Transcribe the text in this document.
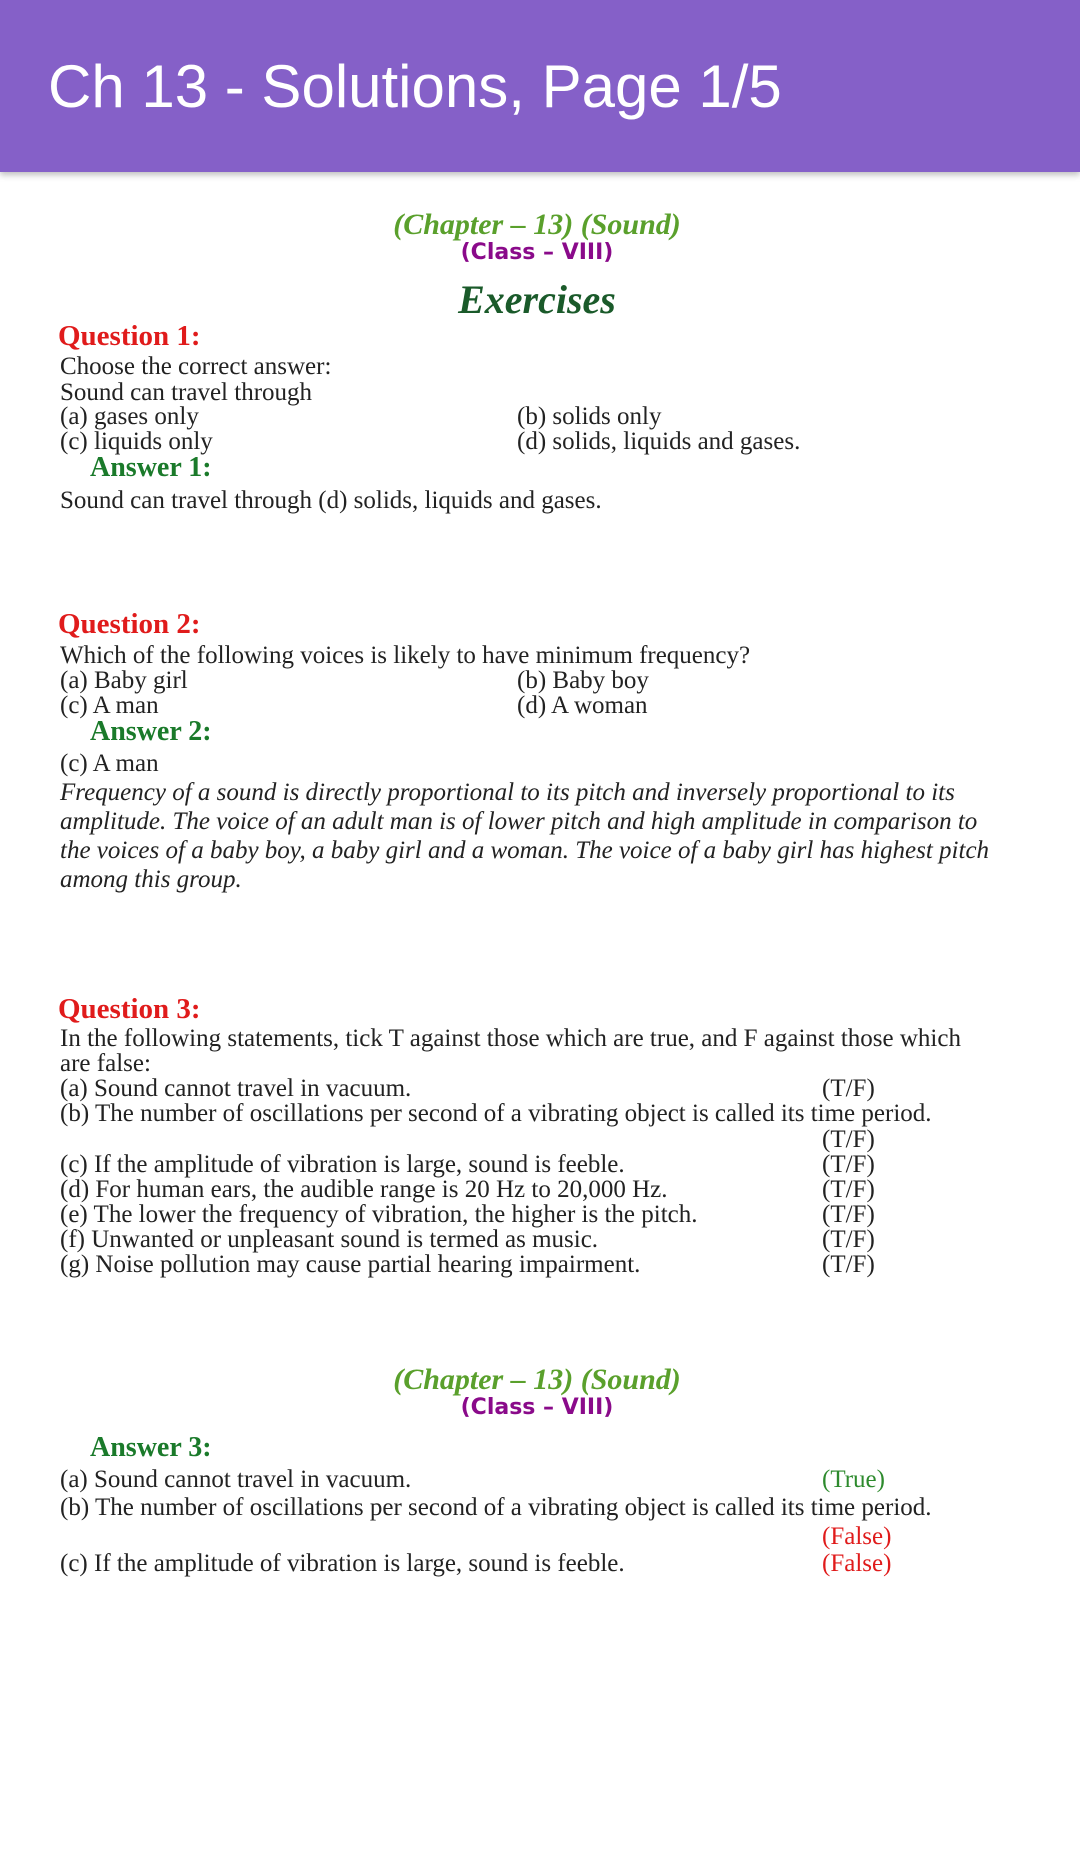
Ch 13 - Solutions, Page 1/5
(Chapter – 13) (Sound)
(Class – VIII)
Exercises
Question 1:
Choose the correct answer:
Sound can travel through
(a) gases only	(b) solids only
(c) liquids only	(d) solids, liquids and gases.
Answer 1:
Sound can travel through (d) solids, liquids and gases.
Question 2:
Which of the following voices is likely to have minimum frequency?
(a) Baby girl	(b) Baby boy
(c) A man	(d) A woman
Answer 2:
(c) A man
Frequency of a sound is directly proportional to its pitch and inversely proportional to its
amplitude. The voice of an adult man is of lower pitch and high amplitude in comparison to
the voices of a baby boy, a baby girl and a woman. The voice of a baby girl has highest pitch
among this group.
Question 3:
In the following statements, tick T against those which are true, and F against those which
are false:
(a) Sound cannot travel in vacuum.	(T/F)
(b) The number of oscillations per second of a vibrating object is called its time period.
(T/F)
(c) If the amplitude of vibration is large, sound is feeble.	(T/F)
(d) For human ears, the audible range is 20 Hz to 20,000 Hz.	(T/F)
(e) The lower the frequency of vibration, the higher is the pitch.	(T/F)
(f) Unwanted or unpleasant sound is termed as music.	(T/F)
(g) Noise pollution may cause partial hearing impairment.	(T/F)
(Chapter – 13) (Sound)
(Class – VIII)
Answer 3:
(a) Sound cannot travel in vacuum.	(True)
(b) The number of oscillations per second of a vibrating object is called its time period.
(False)
(c) If the amplitude of vibration is large, sound is feeble.	(False)
